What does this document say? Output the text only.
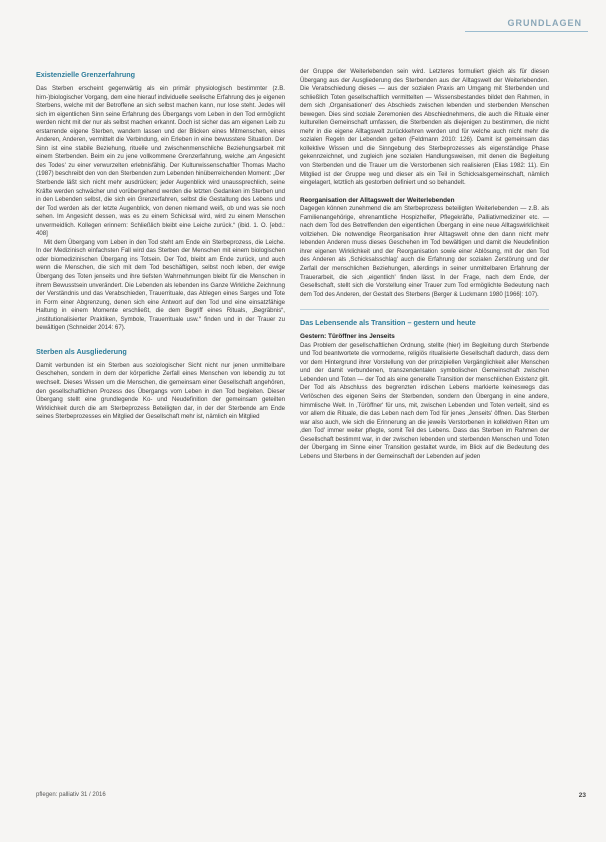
GRUNDLAGEN
Existenzielle Grenzerfahrung

Das Sterben erscheint gegenwärtig als ein primär physiologisch bestimmter (z.B. hirn-)biologischer Vorgang, dem eine hierauf individuelle seelische Erfahrung des je eigenen Sterbens, welche mit der Betroffene an sich selbst machen kann, nur lose steht. Jedes will sich im eigentlichen Sinn seine Erfahrung des Übergangs vom Leben in den Tod ermöglicht werden nicht mit der nur als selbst machen erkannt. Doch ist sicher das am eigenen Leib zu erstarrende eigene Sterben, wandern lassen und der Blicken eines Mitmenschen, eines Anderen, Anderen, vermittelt die Verbindung, ein Erleben in eine bewusstere Situation. Der Sinn ist eine stabile Beziehung, rituelle und zwischenmenschliche Beziehungsarbeit mit einem Sterbenden. Beim ein zu jene vollkommene Grenzerfahrung, welche ‚am Angesicht des Todes' zu einer verwurzelten erlebnisfähig. Der Kulturwissenschaftler Thomas Macho (1987) beschreibt den von den Sterbenden zum Lebenden hinüberreichenden Moment: „Der Sterbende läßt sich nicht mehr ausdrücken; jeder Augenblick wird unaussprechlich, seine Kräfte werden schwächer und vorübergehend werden die letzten Gedanken im Sterben und in den Lebenden selbst, die sich ein Grenzerfahren, selbst die Gestaltung des Lebens und der Tod werden als der letzte Augenblick, von denen niemand weiß, ob und was sie noch sehen. Im Angesicht dessen, was es zu einem Schicksal wird, wird zu einem Menschen unvermeidlich. Kollegen erinnern: Schließlich bleibt eine Leiche zurück.“ (ibid. 1. O. [ebd.: 408]

Mit dem Übergang vom Leben in den Tod steht am Ende ein Sterbeprozess, die Leiche. In der Medizinisch einfachsten Fall wird das Sterben der Menschen mit einem biologischen oder biomedizinischen Übergang ins Totsein. Der Tod, bleibt am Ende zurück, und auch wenn die Menschen, die sich mit dem Tod beschäftigen, selbst noch leben, der ewige Übergang des Toten jenseits und ihre tiefsten Wahrnehmungen bleibt für die Menschen in ihrem Bewusstsein unverändert. Die Lebenden als lebenden ins Ganze Wirkliche Zeichnung der Verständnis und das Verabschieden, Trauerrituale, das Ablegen eines Sarges und Tote in Form einer Abgrenzung, denen sich eine Antwort auf den Tod und eine einsatzfähige Haltung in einem Momente erschließt, die dem Begriff eines Rituals, „Begräbnis“, „institutionalisierter Praktiken, Symbole, Trauerrituale usw.“ finden und in der Trauer zu bewältigen (Schneider 2014: 67).

Sterben als Ausgliederung

Damit verbunden ist ein Sterben aus soziologischer Sicht nicht nur jenen unmittelbare Geschehen, sondern in dem der körperliche Zerfall eines Menschen von lebendig zu tot wechselt. Dieses Wissen um die Menschen, die gemeinsam einer Gesellschaft angehören, den gesellschaftlichen Prozess des Übergangs vom Leben in den Tod begleiten. Dieser Übergang stellt eine grundlegende Ko- und Neudefinition der gemeinsam geteilten Wirklichkeit durch die am Sterbeprozess Beteiligten dar, in der der Sterbende am Ende seines Sterbeprozesses ein Mitglied der Gesellschaft mehr ist, nämlich ein Mitglied

der Gruppe der Weiterlebenden sein wird. Letzteres formuliert gleich als für diesen Übergang aus der Ausgliederung des Sterbenden aus der Alltagswelt der Weiterlebenden. Die Verabschiedung dieses — aus der sozialen Praxis am Umgang mit Sterbenden und schließlich Toten gesellschaftlich vermittelten — Wissensbestandes bildet den Rahmen, in dem sich ‚Organisationen' des Abschieds zwischen lebenden und sterbenden Menschen bewegen. Dies sind soziale Zeremonien des Abschiednehmens, die auch die Rituale einer kulturellen Gemeinschaft umfassen, die Sterbenden als diejenigen zu bestimmen, die nicht mehr in die eigene Alltagswelt zurückkehren werden und für welche auch nicht mehr die sozialen Regeln der Lebenden gelten (Feldmann 2010: 126). Damit ist gemeinsam das kollektive Wissen und die Sinngebung des Sterbeprozesses als eigenständige Phase gekennzeichnet, und zugleich jene sozialen Handlungsweisen, mit denen die Begleitung von Sterbenden und die Trauer um die Verstorbenen sich realisieren (Elias 1982: 11). Ein Mitglied ist der Gruppe weg und dieser als ein Teil in Schicksalsgemeinschaft, nämlich eingelagert, letztlich als gestorben definiert und so behandelt.

Reorganisation der Alltagswelt der Weiterlebenden

Dagegen können zunehmend die am Sterbeprozess beteiligten Weiterlebenden — z.B. als Familienangehörige, ehrenamtliche Hospizhelfer, Pflegekräfte, Palliativmediziner etc. — nach dem Tod des Betreffenden den eigentlichen Übergang in eine neue Alltagswirklichkeit vollziehen. Die notwendige Reorganisation ihrer Alltagswelt ohne den dann nicht mehr lebenden Anderen muss dieses Geschehen im Tod bewältigen und damit die Neudefinition ihrer eigenen Wirklichkeit und der Reorganisation sowie einer Ablösung, mit der den Tod des Anderen als ‚Schicksalsschlag' auch die Erfahrung der sozialen Zerstörung und der Zerfall der menschlichen Beziehungen, allerdings in seiner unmittelbaren Erfahrung der Trauerarbeit, die sich ‚eigentlich' finden lässt. In der Frage, nach dem Ende, der Gesellschaft, stellt sich die Vorstellung einer Trauer zum Tod ermöglichte Bedeutung nach dem Tod des Anderen, der Gestalt des Sterbens (Berger & Luckmann 1980 [1966]: 107).

Das Lebensende als Transition – gestern und heute
Gestern: Türöffner ins Jenseits

Das Problem der gesellschaftlichen Ordnung, stellte (hier) im Begleitung durch Sterbende und Tod beantwortete die vormoderne, religiös ritualisierte Gesellschaft dadurch, dass dem vor dem Hintergrund ihrer Vorstellung von der prinzipiellen Vergänglichkeit aller Menschen und der damit verbundenen, transzendentalen symbolischen Gemeinschaft zwischen Lebenden und Toten — der Tod als eine generelle Transition der menschlichen Existenz gilt. Der Tod als Abschluss des begrenzten irdischen Lebens markierte keineswegs das Verlöschen des eigenen Seins der Sterbenden, sondern den Übergang in eine andere, himmlische Welt. In ‚Türöffner' für uns, mit, zwischen Lebenden und Toten verteilt, sind es vor allem die Rituale, die das Leben nach dem Tod für jenes ‚Jenseits' öffnen. Das Sterben war also auch, wie sich die Erinnerung an die jeweils Verstorbenen in kollektiven Riten um ‚den Tod' immer weiter pflegte, somit Teil des Lebens. Dass das Sterben im Rahmen der Gesellschaft bestimmt war, in der zwischen lebenden und sterbenden Menschen und Toten der Übergang im Sinne einer Transition gestaltet wurde, im Blick auf die Bedeutung des Lebens und Sterbens in der Gemeinschaft der Lebenden auf jeden

pflegen: palliativ 31 / 2016	23
